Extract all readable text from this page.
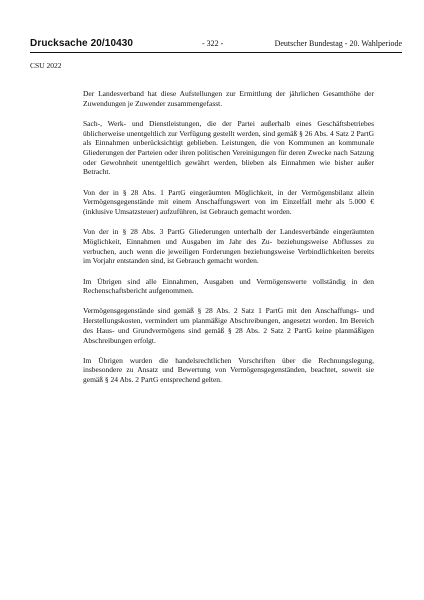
Drucksache 20/10430	- 322 -	Deutscher Bundestag - 20. Wahlperiode
CSU 2022

Der Landesverband hat diese Aufstellungen zur Ermittlung der jährlichen Gesamthöhe der Zuwendungen je Zuwender zusammengefasst.

Sach-, Werk- und Dienstleistungen, die der Partei außerhalb eines Geschäftsbetriebes üblicherweise unentgeltlich zur Verfügung gestellt werden, sind gemäß § 26 Abs. 4 Satz 2 PartG als Einnahmen unberücksichtigt geblieben. Leistungen, die von Kommunen an kommunale Gliederungen der Parteien oder ihren politischen Vereinigungen für deren Zwecke nach Satzung oder Gewohnheit unentgeltlich gewährt werden, blieben als Einnahmen wie bisher außer Betracht.

Von der in § 28 Abs. 1 PartG eingeräumten Möglichkeit, in der Vermögensbilanz allein Vermögensgegenstände mit einem Anschaffungswert von im Einzelfall mehr als 5.000 € (inklusive Umsatzsteuer) aufzuführen, ist Gebrauch gemacht worden.

Von der in § 28 Abs. 3 PartG Gliederungen unterhalb der Landesverbände eingeräumten Möglichkeit, Einnahmen und Ausgaben im Jahr des Zu- beziehungsweise Abflusses zu verbuchen, auch wenn die jeweiligen Forderungen beziehungsweise Verbindlichkeiten bereits im Vorjahr entstanden sind, ist Gebrauch gemacht worden.

Im Übrigen sind alle Einnahmen, Ausgaben und Vermögenswerte vollständig in den Rechenschaftsbericht aufgenommen.

Vermögensgegenstände sind gemäß § 28 Abs. 2 Satz 1 PartG mit den Anschaffungs- und Herstellungskosten, vermindert um planmäßige Abschreibungen, angesetzt worden. Im Bereich des Haus- und Grundvermögens sind gemäß § 28 Abs. 2 Satz 2 PartG keine planmäßigen Abschreibungen erfolgt.

Im Übrigen wurden die handelsrechtlichen Vorschriften über die Rechnungslegung, insbesondere zu Ansatz und Bewertung von Vermögensgegenständen, beachtet, soweit sie gemäß § 24 Abs. 2 PartG entsprechend gelten.
